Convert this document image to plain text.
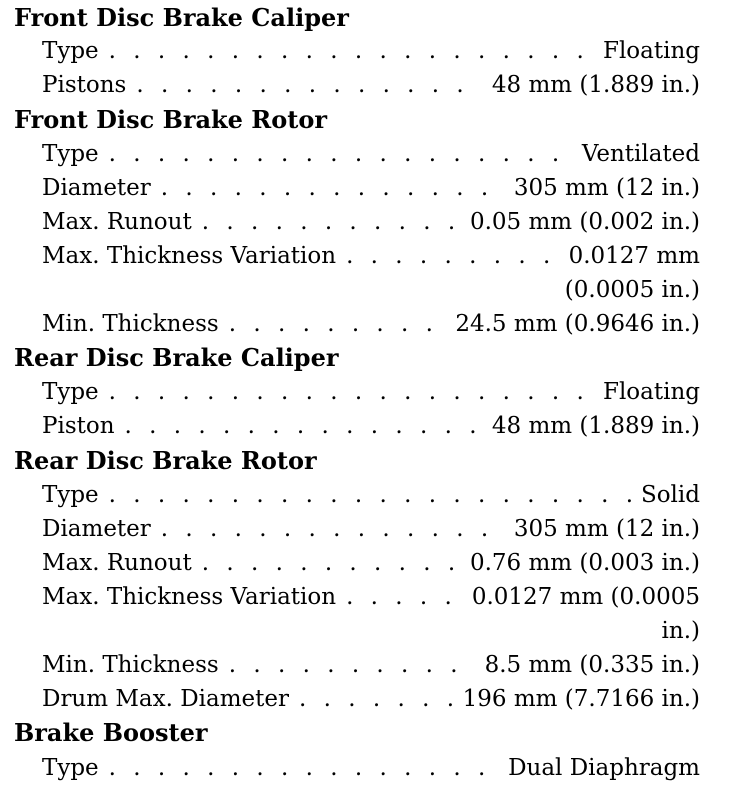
Front Disc Brake Caliper
Type . . .	Floating
Pistons . . .	48 mm (1.889 in.)
Front Disc Brake Rotor
Type . . .	Ventilated
Diameter . . .	305 mm (12 in.)
Max. Runout . . .	0.05 mm (0.002 in.)
Max. Thickness Variation . . .	0.0127 mm
(0.0005 in.)
Min. Thickness . . .	24.5 mm (0.9646 in.)
Rear Disc Brake Caliper
Type . . .	Floating
Piston . . .	48 mm (1.889 in.)
Rear Disc Brake Rotor
Type . . .	Solid
Diameter . . .	305 mm (12 in.)
Max. Runout . . .	0.76 mm (0.003 in.)
Max. Thickness Variation . . .	0.0127 mm (0.0005
in.)
Min. Thickness . . .	8.5 mm (0.335 in.)
Drum Max. Diameter . . .	196 mm (7.7166 in.)
Brake Booster
Type . . .	Dual Diaphragm
